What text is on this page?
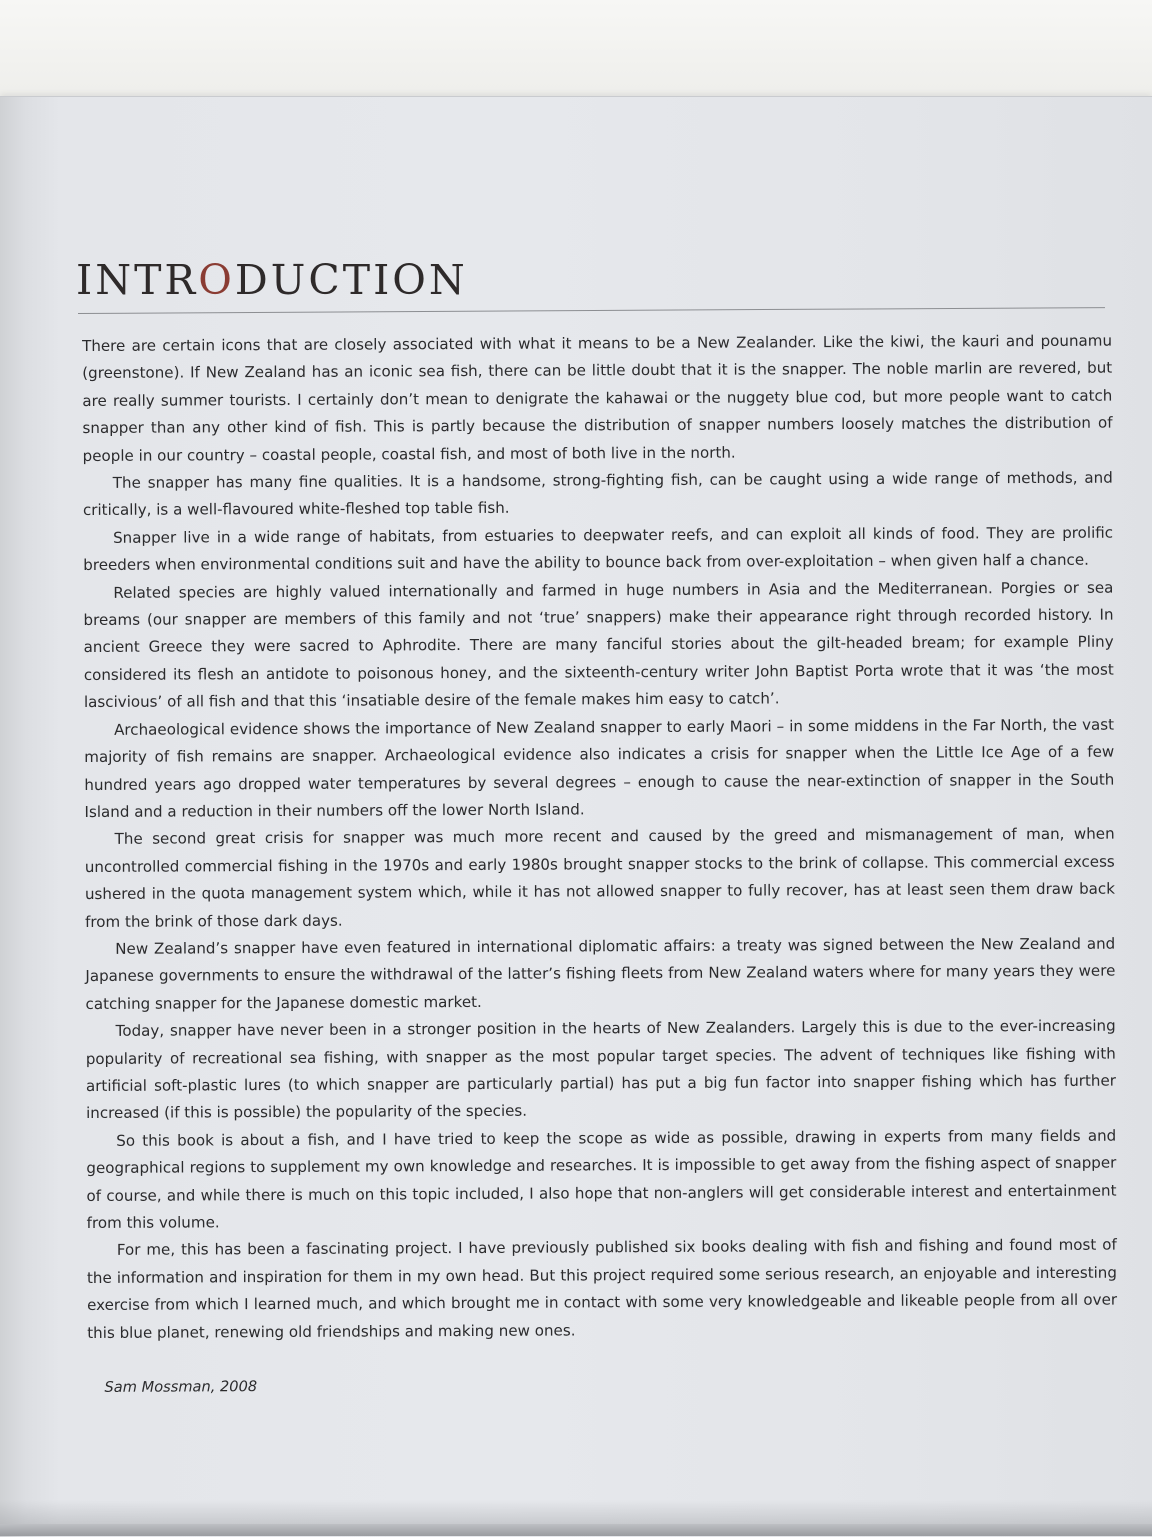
INTRODUCTION

There are certain icons that are closely associated with what it means to be a New Zealander. Like the kiwi, the kauri and pounamu (greenstone). If New Zealand has an iconic sea fish, there can be little doubt that it is the snapper. The noble marlin are revered, but are really summer tourists. I certainly don’t mean to denigrate the kahawai or the nuggety blue cod, but more people want to catch snapper than any other kind of fish. This is partly because the distribution of snapper numbers loosely matches the distribution of people in our country – coastal people, coastal fish, and most of both live in the north.

The snapper has many fine qualities. It is a handsome, strong-fighting fish, can be caught using a wide range of methods, and critically, is a well-flavoured white-fleshed top table fish.

Snapper live in a wide range of habitats, from estuaries to deepwater reefs, and can exploit all kinds of food. They are prolific breeders when environmental conditions suit and have the ability to bounce back from over-exploitation – when given half a chance.

Related species are highly valued internationally and farmed in huge numbers in Asia and the Mediterranean. Porgies or sea breams (our snapper are members of this family and not ‘true’ snappers) make their appearance right through recorded history. In ancient Greece they were sacred to Aphrodite. There are many fanciful stories about the gilt-headed bream; for example Pliny considered its flesh an antidote to poisonous honey, and the sixteenth-century writer John Baptist Porta wrote that it was ‘the most lascivious’ of all fish and that this ‘insatiable desire of the female makes him easy to catch’.

Archaeological evidence shows the importance of New Zealand snapper to early Maori – in some middens in the Far North, the vast majority of fish remains are snapper. Archaeological evidence also indicates a crisis for snapper when the Little Ice Age of a few hundred years ago dropped water temperatures by several degrees – enough to cause the near-extinction of snapper in the South Island and a reduction in their numbers off the lower North Island.

The second great crisis for snapper was much more recent and caused by the greed and mismanagement of man, when uncontrolled commercial fishing in the 1970s and early 1980s brought snapper stocks to the brink of collapse. This commercial excess ushered in the quota management system which, while it has not allowed snapper to fully recover, has at least seen them draw back from the brink of those dark days.

New Zealand’s snapper have even featured in international diplomatic affairs: a treaty was signed between the New Zealand and Japanese governments to ensure the withdrawal of the latter’s fishing fleets from New Zealand waters where for many years they were catching snapper for the Japanese domestic market.

Today, snapper have never been in a stronger position in the hearts of New Zealanders. Largely this is due to the ever-increasing popularity of recreational sea fishing, with snapper as the most popular target species. The advent of techniques like fishing with artificial soft-plastic lures (to which snapper are particularly partial) has put a big fun factor into snapper fishing which has further increased (if this is possible) the popularity of the species.

So this book is about a fish, and I have tried to keep the scope as wide as possible, drawing in experts from many fields and geographical regions to supplement my own knowledge and researches. It is impossible to get away from the fishing aspect of snapper of course, and while there is much on this topic included, I also hope that non-anglers will get considerable interest and entertainment from this volume.

For me, this has been a fascinating project. I have previously published six books dealing with fish and fishing and found most of the information and inspiration for them in my own head. But this project required some serious research, an enjoyable and interesting exercise from which I learned much, and which brought me in contact with some very knowledgeable and likeable people from all over this blue planet, renewing old friendships and making new ones.

Sam Mossman, 2008
